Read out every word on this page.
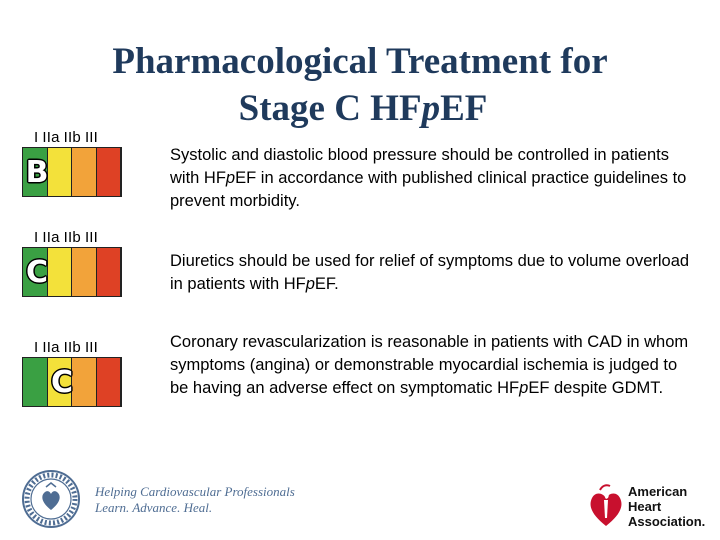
Pharmacological Treatment for
Stage C HFpEF
I IIa IIb III
B	Systolic and diastolic blood pressure should be controlled in patients with HFpEF in accordance with published clinical practice guidelines to prevent morbidity.
I IIa IIb III
C	Diuretics should be used for relief of symptoms due to volume overload in patients with HFpEF.
I IIa IIb III
C
Coronary revascularization is reasonable in patients with CAD in whom symptoms (angina) or demonstrable myocardial ischemia is judged to be having an adverse effect on symptomatic HFpEF despite GDMT.
Helping Cardiovascular Professionals
Learn. Advance. Heal.
American
Heart
Association.
